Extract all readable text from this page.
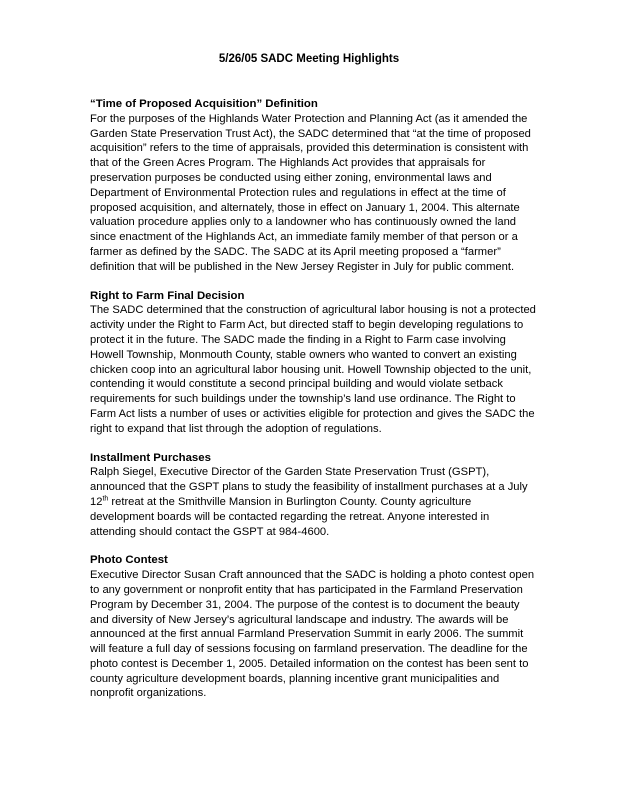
5/26/05 SADC Meeting Highlights

“Time of Proposed Acquisition” Definition

For the purposes of the Highlands Water Protection and Planning Act (as it amended the Garden State Preservation Trust Act), the SADC determined that “at the time of proposed acquisition” refers to the time of appraisals, provided this determination is consistent with that of the Green Acres Program. The Highlands Act provides that appraisals for preservation purposes be conducted using either zoning, environmental laws and Department of Environmental Protection rules and regulations in effect at the time of proposed acquisition, and alternately, those in effect on January 1, 2004. This alternate valuation procedure applies only to a landowner who has continuously owned the land since enactment of the Highlands Act, an immediate family member of that person or a farmer as defined by the SADC. The SADC at its April meeting proposed a “farmer” definition that will be published in the New Jersey Register in July for public comment.

Right to Farm Final Decision

The SADC determined that the construction of agricultural labor housing is not a protected activity under the Right to Farm Act, but directed staff to begin developing regulations to protect it in the future. The SADC made the finding in a Right to Farm case involving Howell Township, Monmouth County, stable owners who wanted to convert an existing chicken coop into an agricultural labor housing unit. Howell Township objected to the unit, contending it would constitute a second principal building and would violate setback requirements for such buildings under the township’s land use ordinance. The Right to Farm Act lists a number of uses or activities eligible for protection and gives the SADC the right to expand that list through the adoption of regulations.

Installment Purchases

Ralph Siegel, Executive Director of the Garden State Preservation Trust (GSPT), announced that the GSPT plans to study the feasibility of installment purchases at a July 12th retreat at the Smithville Mansion in Burlington County. County agriculture development boards will be contacted regarding the retreat. Anyone interested in attending should contact the GSPT at 984-4600.

Photo Contest

Executive Director Susan Craft announced that the SADC is holding a photo contest open to any government or nonprofit entity that has participated in the Farmland Preservation Program by December 31, 2004. The purpose of the contest is to document the beauty and diversity of New Jersey’s agricultural landscape and industry. The awards will be announced at the first annual Farmland Preservation Summit in early 2006. The summit will feature a full day of sessions focusing on farmland preservation. The deadline for the photo contest is December 1, 2005. Detailed information on the contest has been sent to county agriculture development boards, planning incentive grant municipalities and nonprofit organizations.
